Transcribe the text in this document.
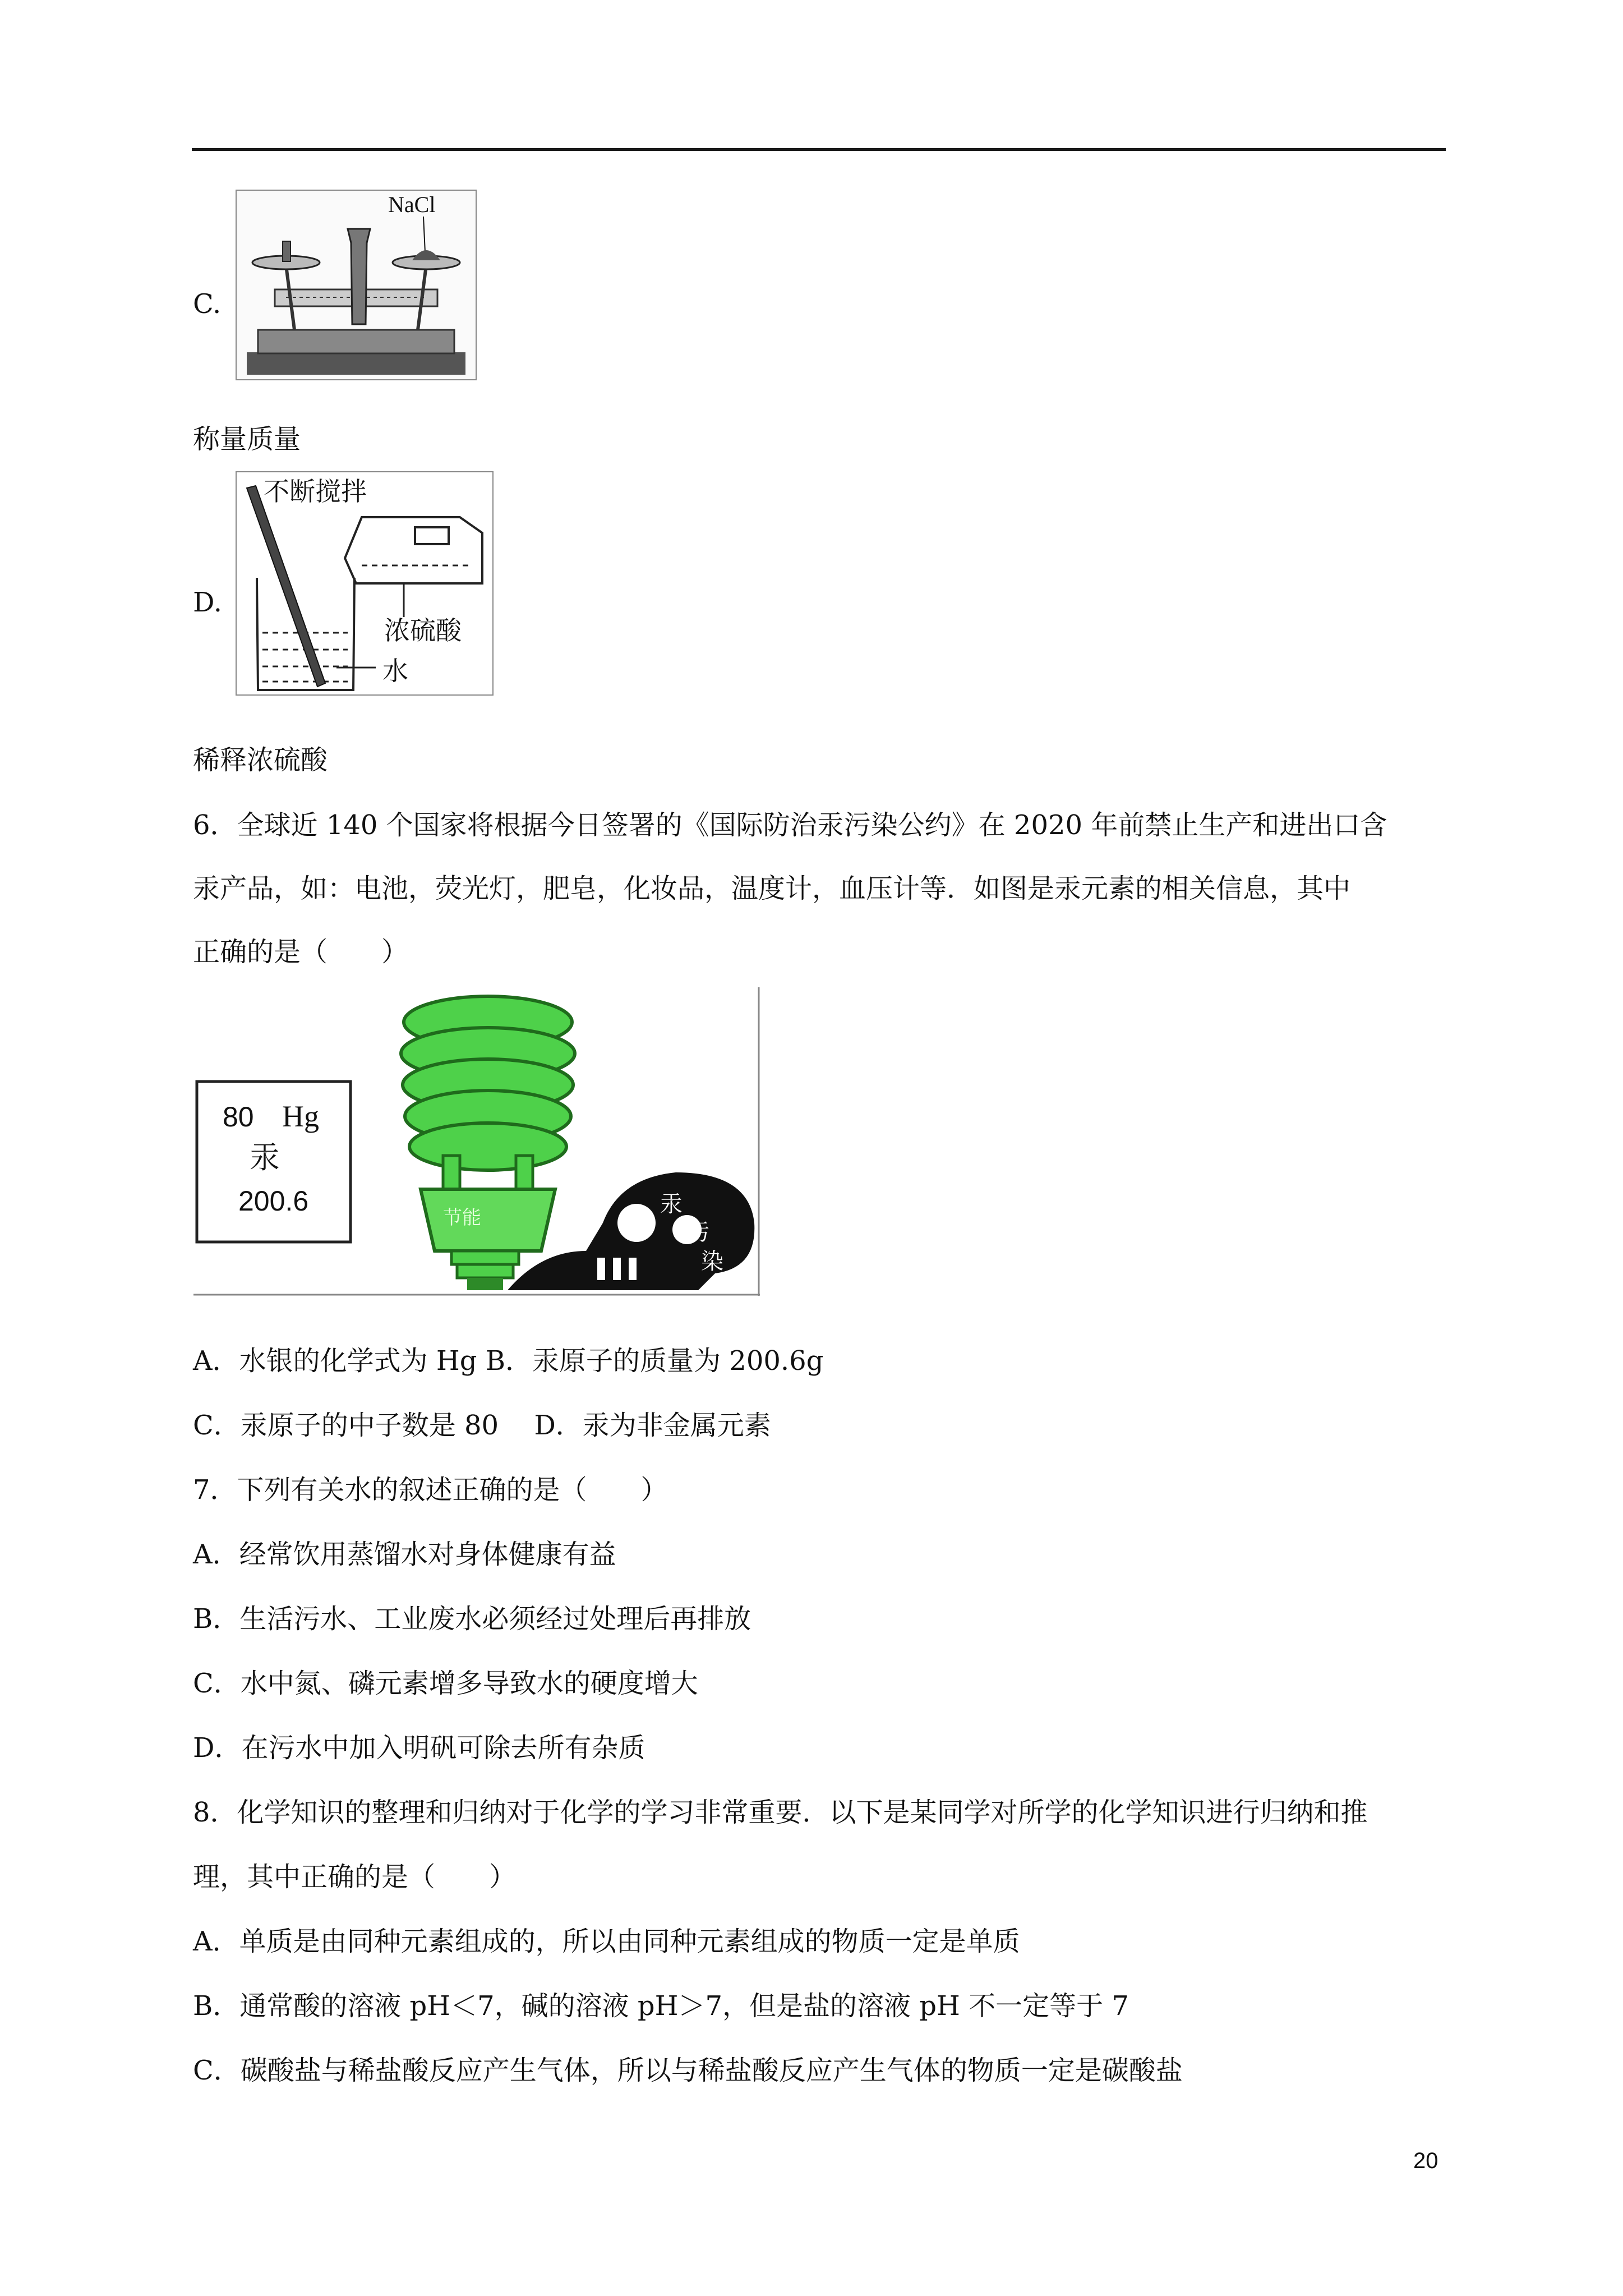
C.
NaCl
称量质量
D.
不断搅拌
浓硫酸
水
稀释浓硫酸
6．全球近 140 个国家将根据今日签署的《国际防治汞污染公约》在 2020 年前禁止生产和进出口含
汞产品，如：电池，荧光灯，肥皂，化妆品，温度计，血压计等．如图是汞元素的相关信息，其中
正确的是（　　）
80 Hg
汞
200.6
节能
汞
污
染
A．水银的化学式为 Hg B．汞原子的质量为 200.6g
C．汞原子的中子数是 80　 D．汞为非金属元素
7．下列有关水的叙述正确的是（　　）
A．经常饮用蒸馏水对身体健康有益
B．生活污水、工业废水必须经过处理后再排放
C．水中氮、磷元素增多导致水的硬度增大
D．在污水中加入明矾可除去所有杂质
8．化学知识的整理和归纳对于化学的学习非常重要．以下是某同学对所学的化学知识进行归纳和推
理，其中正确的是（　　）
A．单质是由同种元素组成的，所以由同种元素组成的物质一定是单质
B．通常酸的溶液 pH＜7，碱的溶液 pH＞7，但是盐的溶液 pH 不一定等于 7
C．碳酸盐与稀盐酸反应产生气体，所以与稀盐酸反应产生气体的物质一定是碳酸盐
20
